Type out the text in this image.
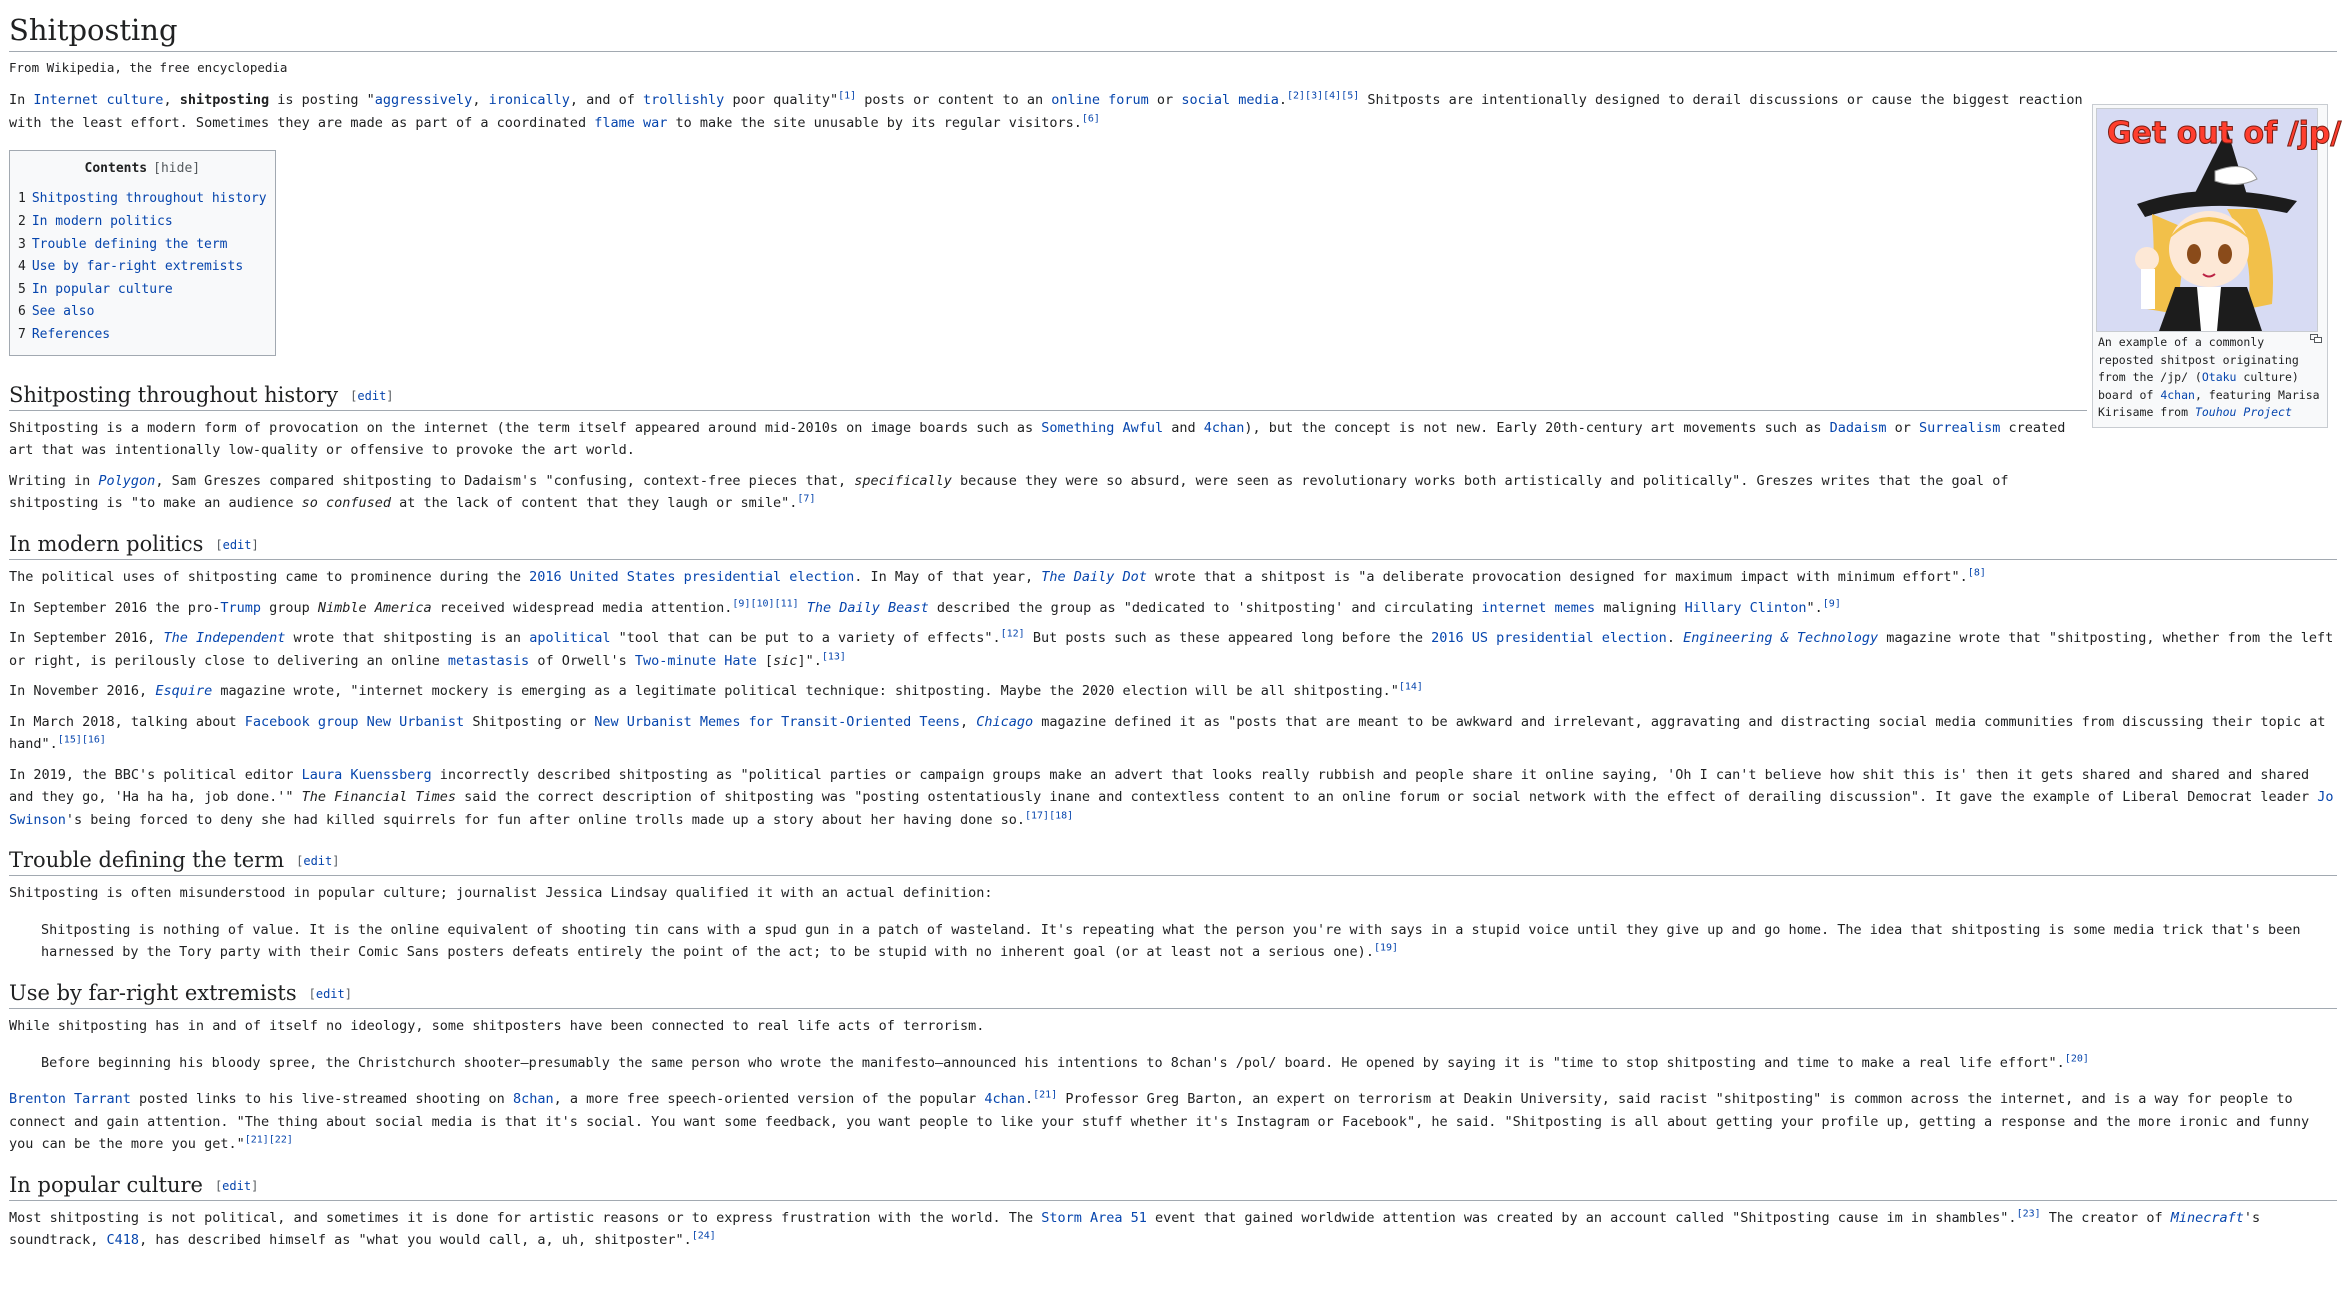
Shitposting
From Wikipedia, the free encyclopedia
Get out of /jp/
An example of a commonly reposted shitpost originating from the /jp/ (Otaku culture) board of 4chan, featuring Marisa Kirisame from Touhou Project

In Internet culture, shitposting is posting "aggressively, ironically, and of trollishly poor quality"[1] posts or content to an online forum or social media.[2][3][4][5] Shitposts are intentionally designed to derail discussions or cause the biggest reaction with the least effort. Sometimes they are made as part of a coordinated flame war to make the site unusable by its regular visitors.[6]

Contents [hide]
1 Shitposting throughout history
2 In modern politics
3 Trouble defining the term
4 Use by far-right extremists
5 In popular culture
6 See also
7 References
Shitposting throughout history [edit]

Shitposting is a modern form of provocation on the internet (the term itself appeared around mid-2010s on image boards such as Something Awful and 4chan), but the concept is not new. Early 20th-century art movements such as Dadaism or Surrealism created art that was intentionally low-quality or offensive to provoke the art world.

Writing in Polygon, Sam Greszes compared shitposting to Dadaism's "confusing, context-free pieces that, specifically because they were so absurd, were seen as revolutionary works both artistically and politically". Greszes writes that the goal of shitposting is "to make an audience so confused at the lack of content that they laugh or smile".[7]

In modern politics [edit]

The political uses of shitposting came to prominence during the 2016 United States presidential election. In May of that year, The Daily Dot wrote that a shitpost is "a deliberate provocation designed for maximum impact with minimum effort".[8]

In September 2016 the pro-Trump group Nimble America received widespread media attention.[9][10][11] The Daily Beast described the group as "dedicated to 'shitposting' and circulating internet memes maligning Hillary Clinton".[9]

In September 2016, The Independent wrote that shitposting is an apolitical "tool that can be put to a variety of effects".[12] But posts such as these appeared long before the 2016 US presidential election. Engineering & Technology magazine wrote that "shitposting, whether from the left or right, is perilously close to delivering an online metastasis of Orwell's Two-minute Hate [sic]".[13]

In November 2016, Esquire magazine wrote, "internet mockery is emerging as a legitimate political technique: shitposting. Maybe the 2020 election will be all shitposting."[14]

In March 2018, talking about Facebook group New Urbanist Shitposting or New Urbanist Memes for Transit-Oriented Teens, Chicago magazine defined it as "posts that are meant to be awkward and irrelevant, aggravating and distracting social media communities from discussing their topic at hand".[15][16]

In 2019, the BBC's political editor Laura Kuenssberg incorrectly described shitposting as "political parties or campaign groups make an advert that looks really rubbish and people share it online saying, 'Oh I can't believe how shit this is' then it gets shared and shared and shared and they go, 'Ha ha ha, job done.'" The Financial Times said the correct description of shitposting was "posting ostentatiously inane and contextless content to an online forum or social network with the effect of derailing discussion". It gave the example of Liberal Democrat leader Jo Swinson's being forced to deny she had killed squirrels for fun after online trolls made up a story about her having done so.[17][18]

Trouble defining the term [edit]

Shitposting is often misunderstood in popular culture; journalist Jessica Lindsay qualified it with an actual definition:

Shitposting is nothing of value. It is the online equivalent of shooting tin cans with a spud gun in a patch of wasteland. It's repeating what the person you're with says in a stupid voice until they give up and go home. The idea that shitposting is some media trick that's been harnessed by the Tory party with their Comic Sans posters defeats entirely the point of the act; to be stupid with no inherent goal (or at least not a serious one).[19]
Use by far-right extremists [edit]

While shitposting has in and of itself no ideology, some shitposters have been connected to real life acts of terrorism.

Before beginning his bloody spree, the Christchurch shooter—presumably the same person who wrote the manifesto—announced his intentions to 8chan's /pol/ board. He opened by saying it is "time to stop shitposting and time to make a real life effort".[20]

Brenton Tarrant posted links to his live-streamed shooting on 8chan, a more free speech-oriented version of the popular 4chan.[21] Professor Greg Barton, an expert on terrorism at Deakin University, said racist "shitposting" is common across the internet, and is a way for people to connect and gain attention. "The thing about social media is that it's social. You want some feedback, you want people to like your stuff whether it's Instagram or Facebook", he said. "Shitposting is all about getting your profile up, getting a response and the more ironic and funny you can be the more you get."[21][22]

In popular culture [edit]

Most shitposting is not political, and sometimes it is done for artistic reasons or to express frustration with the world. The Storm Area 51 event that gained worldwide attention was created by an account called "Shitposting cause im in shambles".[23] The creator of Minecraft's soundtrack, C418, has described himself as "what you would call, a, uh, shitposter".[24]
